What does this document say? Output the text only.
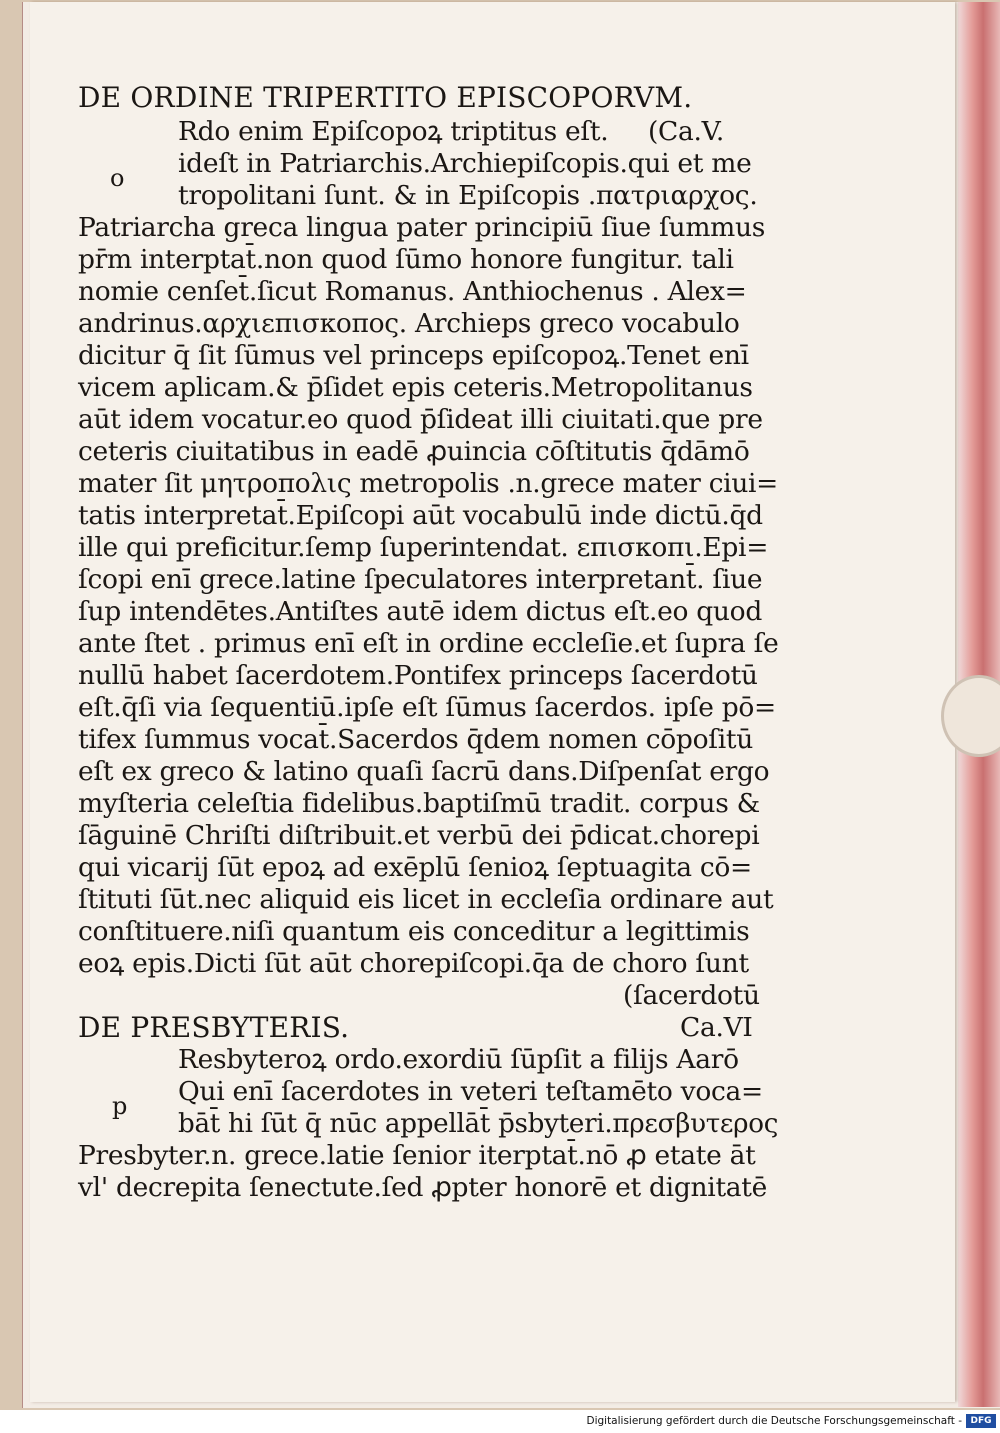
DE ORDINE TRIPERTITO EPISCOPORVM.
(Ca.V.
o
Rdo enim Epiſcopoꝝ triptitus eſt.
ideſt in Patriarchis.Archiepiſcopis.qui et me
tropolitani ſunt. & in Epiſcopis .πατριαρχος.
Patriarcha greca lingua pater principiū ſiue ſummus
pr̄m interptat̄.non quod ſūmo honore fungitur. tali
nomie cenſet̄.ſicut Romanus. Anthiochenus . Alex=
andrinus.αρχιεπισκοπος. Archieps greco vocabulo
dicitur q̄ ſit ſūmus vel princeps epiſcopoꝝ.Tenet enī
vicem aplicam.& p̄ſidet epis ceteris.Metropolitanus
aūt idem vocatur.eo quod p̄ſideat illi ciuitati.que pre
ceteris ciuitatibus in eadē ꝓuincia cōſtitutis q̄dāmō
mater ſit μητροπολις metropolis .n.grece mater ciui=
tatis interpretat̄.Epiſcopi aūt vocabulū inde dictū.q̄d
ille qui preficitur.ſemp ſuperintendat. επισκοπι.Epi=
ſcopi enī grece.latine ſpeculatores interpretant̄. ſiue
ſup intendētes.Antiſtes autē idem dictus eſt.eo quod
ante ſtet . primus enī eſt in ordine eccleſie.et ſupra ſe
nullū habet ſacerdotem.Pontifex princeps ſacerdotū
eſt.q̄ſi via ſequentiū.ipſe eſt ſūmus ſacerdos. ipſe pō=
tifex ſummus vocat̄.Sacerdos q̄dem nomen cōpoſitū
eſt ex greco & latino quaſi ſacrū dans.Diſpenſat ergo
myſteria celeſtia fidelibus.baptiſmū tradit. corpus &
ſāguinē Chriſti diſtribuit.et verbū dei p̄dicat.chorepi
qui vicarij ſūt epoꝝ ad exēplū ſenioꝝ ſeptuagita cō=
ſtituti ſūt.nec aliquid eis licet in eccleſia ordinare aut
conſtituere.niſi quantum eis conceditur a legittimis
eoꝝ epis.Dicti ſūt aūt chorepiſcopi.q̄a de choro ſunt
(ſacerdotū
DE PRESBYTERIS.	Ca.VI
p
Resbyteroꝝ ordo.exordiū ſūpſit a filijs Aarō
Qui enī ſacerdotes in veteri teſtamēto voca=
bāt̄ hi ſūt q̄ nūc appellāt̄ p̄sbyteri.πρεσβυτερος
Presbyter.n. grece.latie ſenior iterptat̄.nō ꝓ etate āt
vl' decrepita ſenectute.ſed ꝓpter honorē et dignitatē
Digitalisierung gefördert durch die Deutsche Forschungsgemeinschaft - DFG
